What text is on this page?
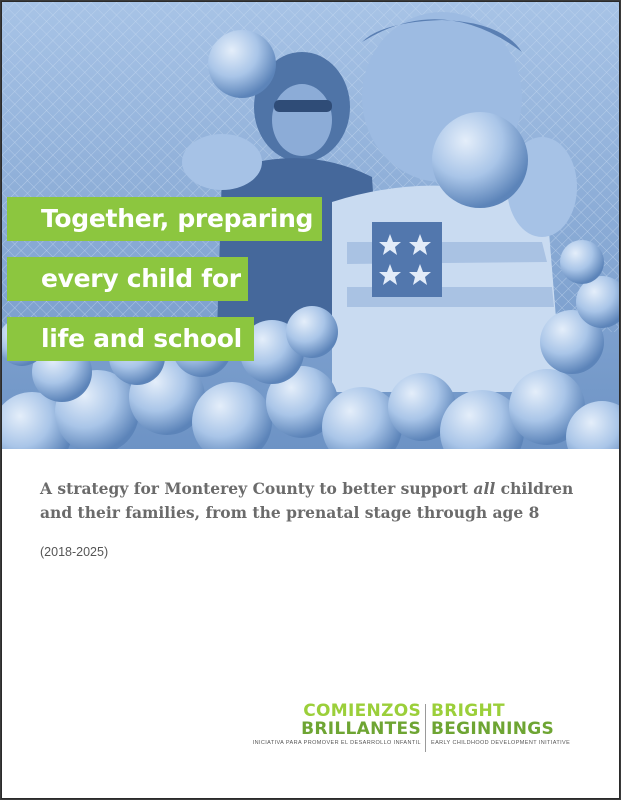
Together, preparing
every child for
life and school
A strategy for Monterey County to better support all children and their families, from the prenatal stage through age 8
(2018-2025)
COMIENZOS
BRILLANTES
INICIATIVA PARA PROMOVER EL DESARROLLO INFANTIL
BRIGHT
BEGINNINGS
EARLY CHILDHOOD DEVELOPMENT INITIATIVE
